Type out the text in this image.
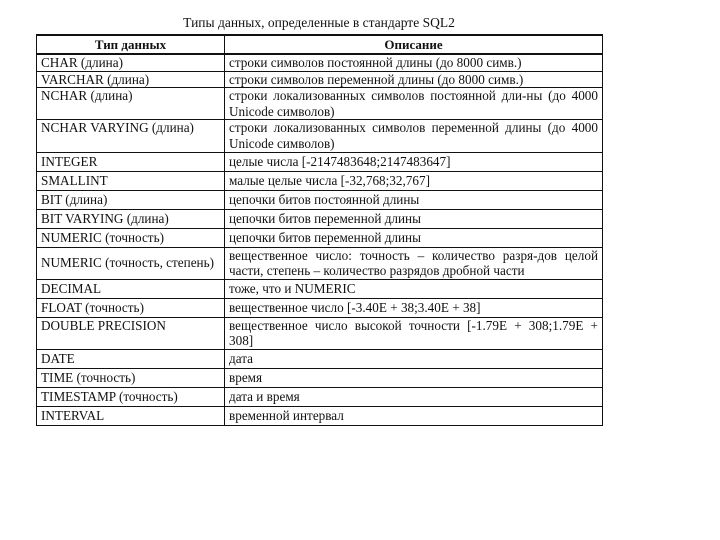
Типы данных, определенные в стандарте SQL2
Тип данных	Описание
CHAR (длина)	строки символов постоянной длины (до 8000 симв.)
VARCHAR (длина)	строки символов переменной длины (до 8000 симв.)
NCHAR (длина)	строки локализованных символов постоянной дли-ны (до 4000 Unicode символов)
NCHAR VARYING (длина)	строки локализованных символов переменной длины (до 4000 Unicode символов)
INTEGER	целые числа [-2147483648;2147483647]
SMALLINT	малые целые числа [-32,768;32,767]
BIT (длина)	цепочки битов постоянной длины
BIT VARYING (длина)	цепочки битов переменной длины
NUMERIC (точность)	цепочки битов переменной длины
NUMERIC (точность, степень)	вещественное число: точность – количество разря-дов целой части, степень – количество разрядов дробной части
DECIMAL	тоже, что и NUMERIC
FLOAT (точность)	вещественное число [-3.40E + 38;3.40E + 38]
DOUBLE PRECISION	вещественное число высокой точности [-1.79E + 308;1.79E + 308]
DATE	дата
TIME (точность)	время
TIMESTAMP (точность)	дата и время
INTERVAL	временной интервал
